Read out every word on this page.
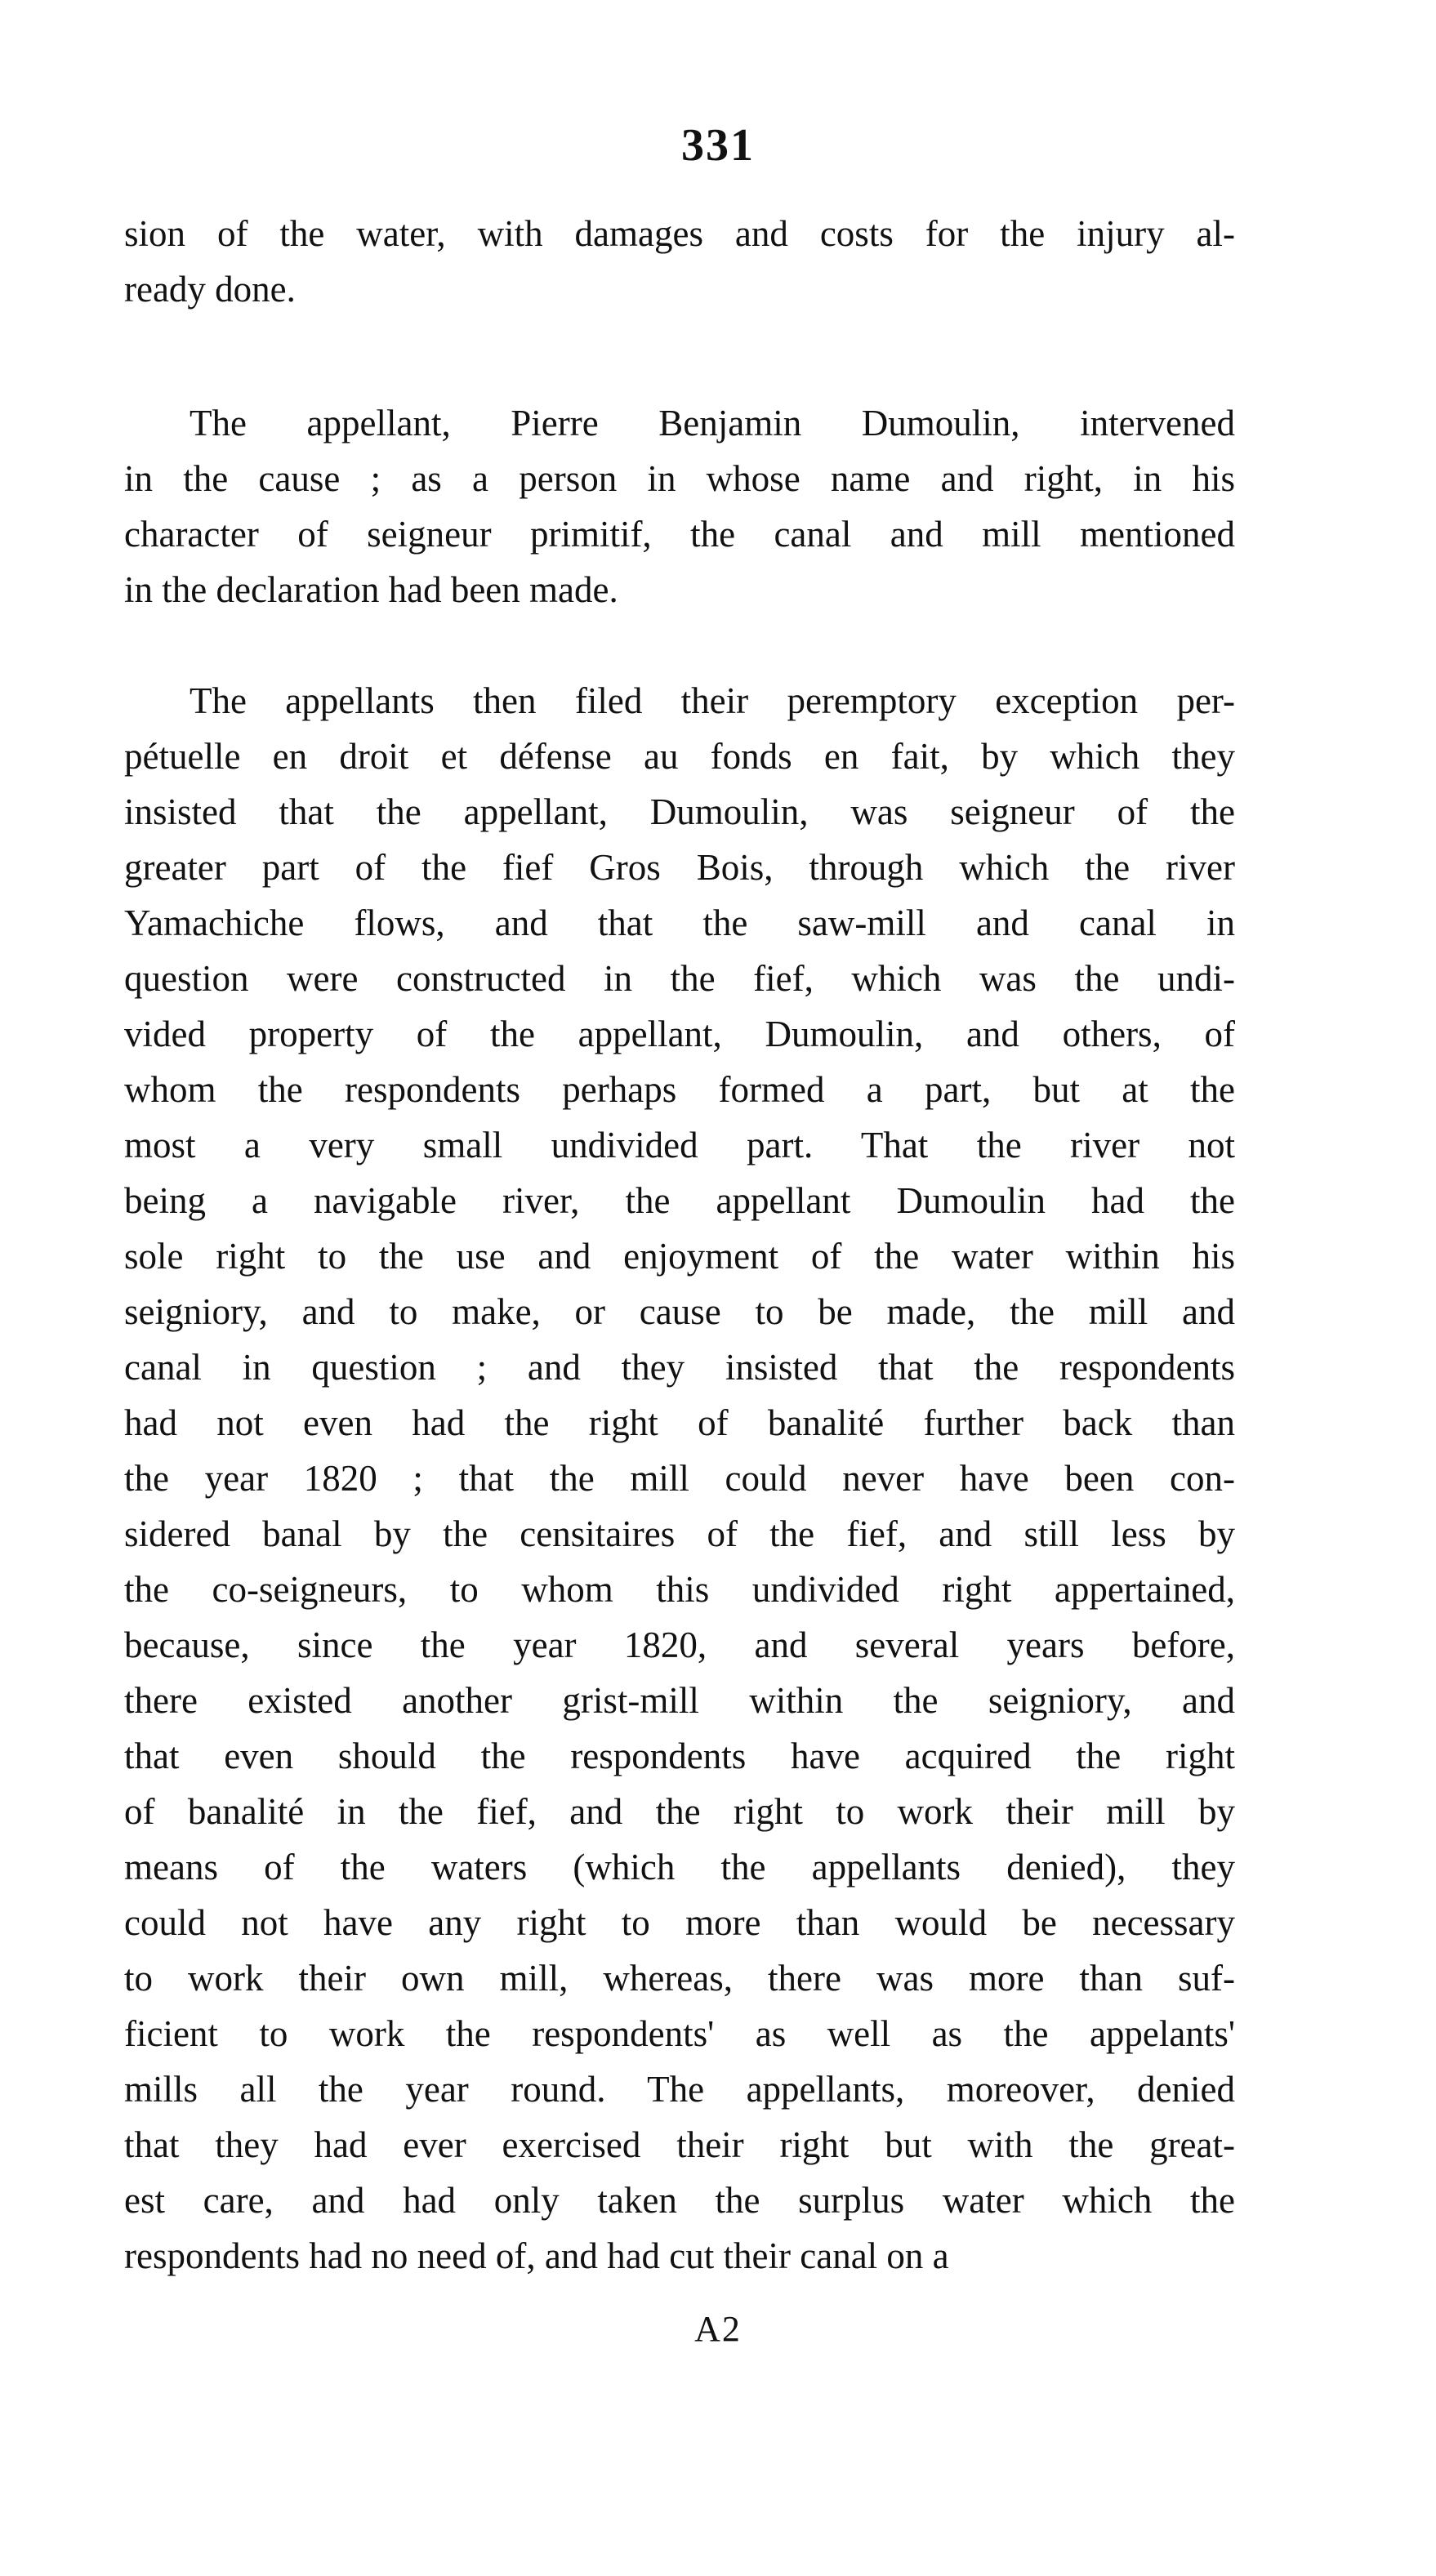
331
sion of the water, with damages and costs for the injury al-
ready done.
The appellant, Pierre Benjamin Dumoulin, intervened
in the cause ; as a person in whose name and right, in his
character of seigneur primitif, the canal and mill mentioned
in the declaration had been made.
The appellants then filed their peremptory exception per-
pétuelle en droit et défense au fonds en fait, by which they
insisted that the appellant, Dumoulin, was seigneur of the
greater part of the fief Gros Bois, through which the river
Yamachiche flows, and that the saw-mill and canal in
question were constructed in the fief, which was the undi-
vided property of the appellant, Dumoulin, and others, of
whom the respondents perhaps formed a part, but at the
most a very small undivided part. That the river not
being a navigable river, the appellant Dumoulin had the
sole right to the use and enjoyment of the water within his
seigniory, and to make, or cause to be made, the mill and
canal in question ; and they insisted that the respondents
had not even had the right of banalité further back than
the year 1820 ; that the mill could never have been con-
sidered banal by the censitaires of the fief, and still less by
the co-seigneurs, to whom this undivided right appertained,
because, since the year 1820, and several years before,
there existed another grist-mill within the seigniory, and
that even should the respondents have acquired the right
of banalité in the fief, and the right to work their mill by
means of the waters (which the appellants denied), they
could not have any right to more than would be necessary
to work their own mill, whereas, there was more than suf-
ficient to work the respondents' as well as the appelants'
mills all the year round. The appellants, moreover, denied
that they had ever exercised their right but with the great-
est care, and had only taken the surplus water which the
respondents had no need of, and had cut their canal on a
A2
